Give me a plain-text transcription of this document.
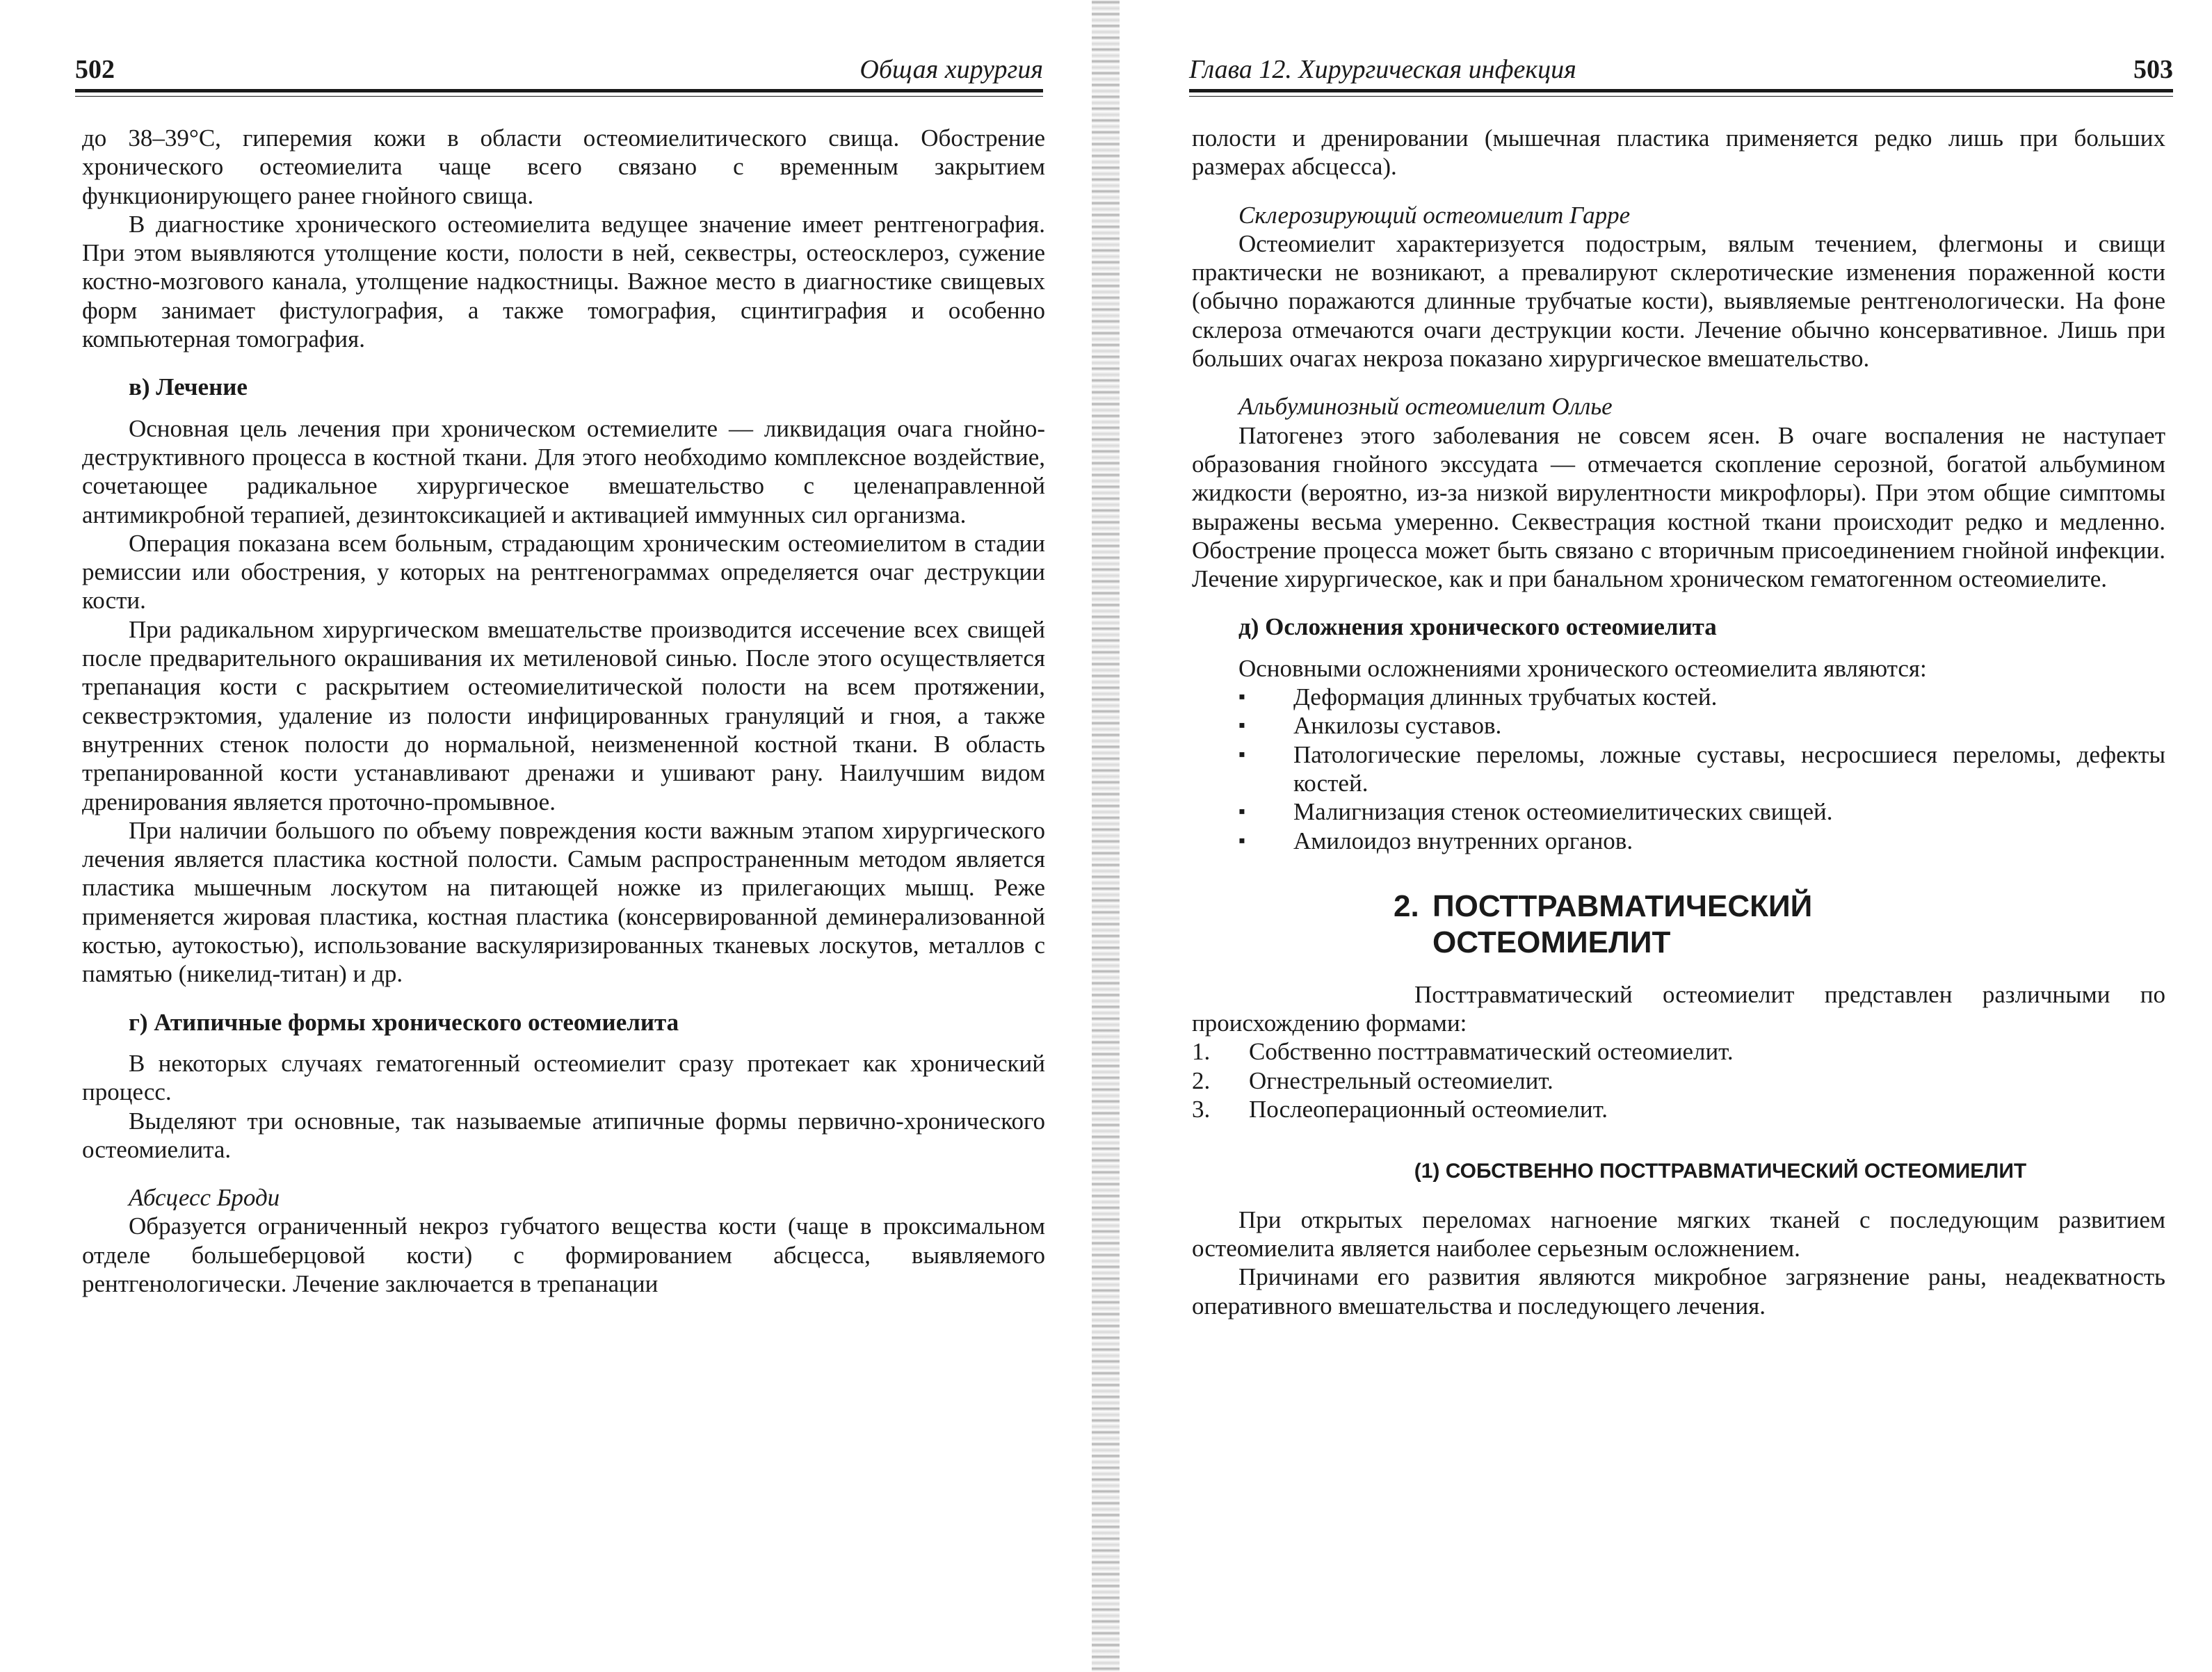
502	Общая хирургия

до 38–39°С, гиперемия кожи в области остеомиелитического свища. Обострение хронического остеомиелита чаще всего связано с временным закрытием функционирующего ранее гнойного свища.

В диагностике хронического остеомиелита ведущее значение имеет рентгенография. При этом выявляются утолщение кости, полости в ней, секвестры, остеосклероз, сужение костно-мозгового канала, утолщение надкостницы. Важное место в диагностике свищевых форм занимает фистулография, а также томография, сцинтиграфия и особенно компьютерная томография.

в) Лечение

Основная цель лечения при хроническом остемиелите — ликвидация очага гнойно-деструктивного процесса в костной ткани. Для этого необходимо комплексное воздействие, сочетающее радикальное хирургическое вмешательство с целенаправленной антимикробной терапией, дезинтоксикацией и активацией иммунных сил организма.

Операция показана всем больным, страдающим хроническим остеомиелитом в стадии ремиссии или обострения, у которых на рентгенограммах определяется очаг деструкции кости.

При радикальном хирургическом вмешательстве производится иссечение всех свищей после предварительного окрашивания их метиленовой синью. После этого осуществляется трепанация кости с раскрытием остеомиелитической полости на всем протяжении, секвестрэктомия, удаление из полости инфицированных грануляций и гноя, а также внутренних стенок полости до нормальной, неизмененной костной ткани. В область трепанированной кости устанавливают дренажи и ушивают рану. Наилучшим видом дренирования является проточно-промывное.

При наличии большого по объему повреждения кости важным этапом хирургического лечения является пластика костной полости. Самым распространенным методом является пластика мышечным лоскутом на питающей ножке из прилегающих мышц. Реже применяется жировая пластика, костная пластика (консервированной деминерализованной костью, аутокостью), использование васкуляризированных тканевых лоскутов, металлов с памятью (никелид-титан) и др.

г) Атипичные формы хронического остеомиелита

В некоторых случаях гематогенный остеомиелит сразу протекает как хронический процесс.

Выделяют три основные, так называемые атипичные формы первично-хронического остеомиелита.

Абсцесс Броди

Образуется ограниченный некроз губчатого вещества кости (чаще в проксимальном отделе большеберцовой кости) с формированием абсцесса, выявляемого рентгенологически. Лечение заключается в трепанации

Глава 12. Хирургическая инфекция	503

полости и дренировании (мышечная пластика применяется редко лишь при больших размерах абсцесса).

Склерозирующий остеомиелит Гарре

Остеомиелит характеризуется подострым, вялым течением, флегмоны и свищи практически не возникают, а превалируют склеротические изменения пораженной кости (обычно поражаются длинные трубчатые кости), выявляемые рентгенологически. На фоне склероза отмечаются очаги деструкции кости. Лечение обычно консервативное. Лишь при больших очагах некроза показано хирургическое вмешательство.

Альбуминозный остеомиелит Оллье

Патогенез этого заболевания не совсем ясен. В очаге воспаления не наступает образования гнойного экссудата — отмечается скопление серозной, богатой альбумином жидкости (вероятно, из-за низкой вирулентности микрофлоры). При этом общие симптомы выражены весьма умеренно. Секвестрация костной ткани происходит редко и медленно. Обострение процесса может быть связано с вторичным присоединением гнойной инфекции. Лечение хирургическое, как и при банальном хроническом гематогенном остеомиелите.

д) Осложнения хронического остеомиелита

Основными осложнениями хронического остеомиелита являются:

▪ Деформация длинных трубчатых костей.
▪ Анкилозы суставов.
▪ Патологические переломы, ложные суставы, несросшиеся переломы, дефекты костей.
▪ Малигнизация стенок остеомиелитических свищей.
▪ Амилоидоз внутренних органов.
2. ПОСТТРАВМАТИЧЕСКИЙ
ОСТЕОМИЕЛИТ

Посттравматический остеомиелит представлен различными по происхождению формами:

1. Собственно посттравматический остеомиелит.
2. Огнестрельный остеомиелит.
3. Послеоперационный остеомиелит.
(1) СОБСТВЕННО ПОСТТРАВМАТИЧЕСКИЙ ОСТЕОМИЕЛИТ

При открытых переломах нагноение мягких тканей с последующим развитием остеомиелита является наиболее серьезным осложнением.

Причинами его развития являются микробное загрязнение раны, неадекватность оперативного вмешательства и последующего лечения.
